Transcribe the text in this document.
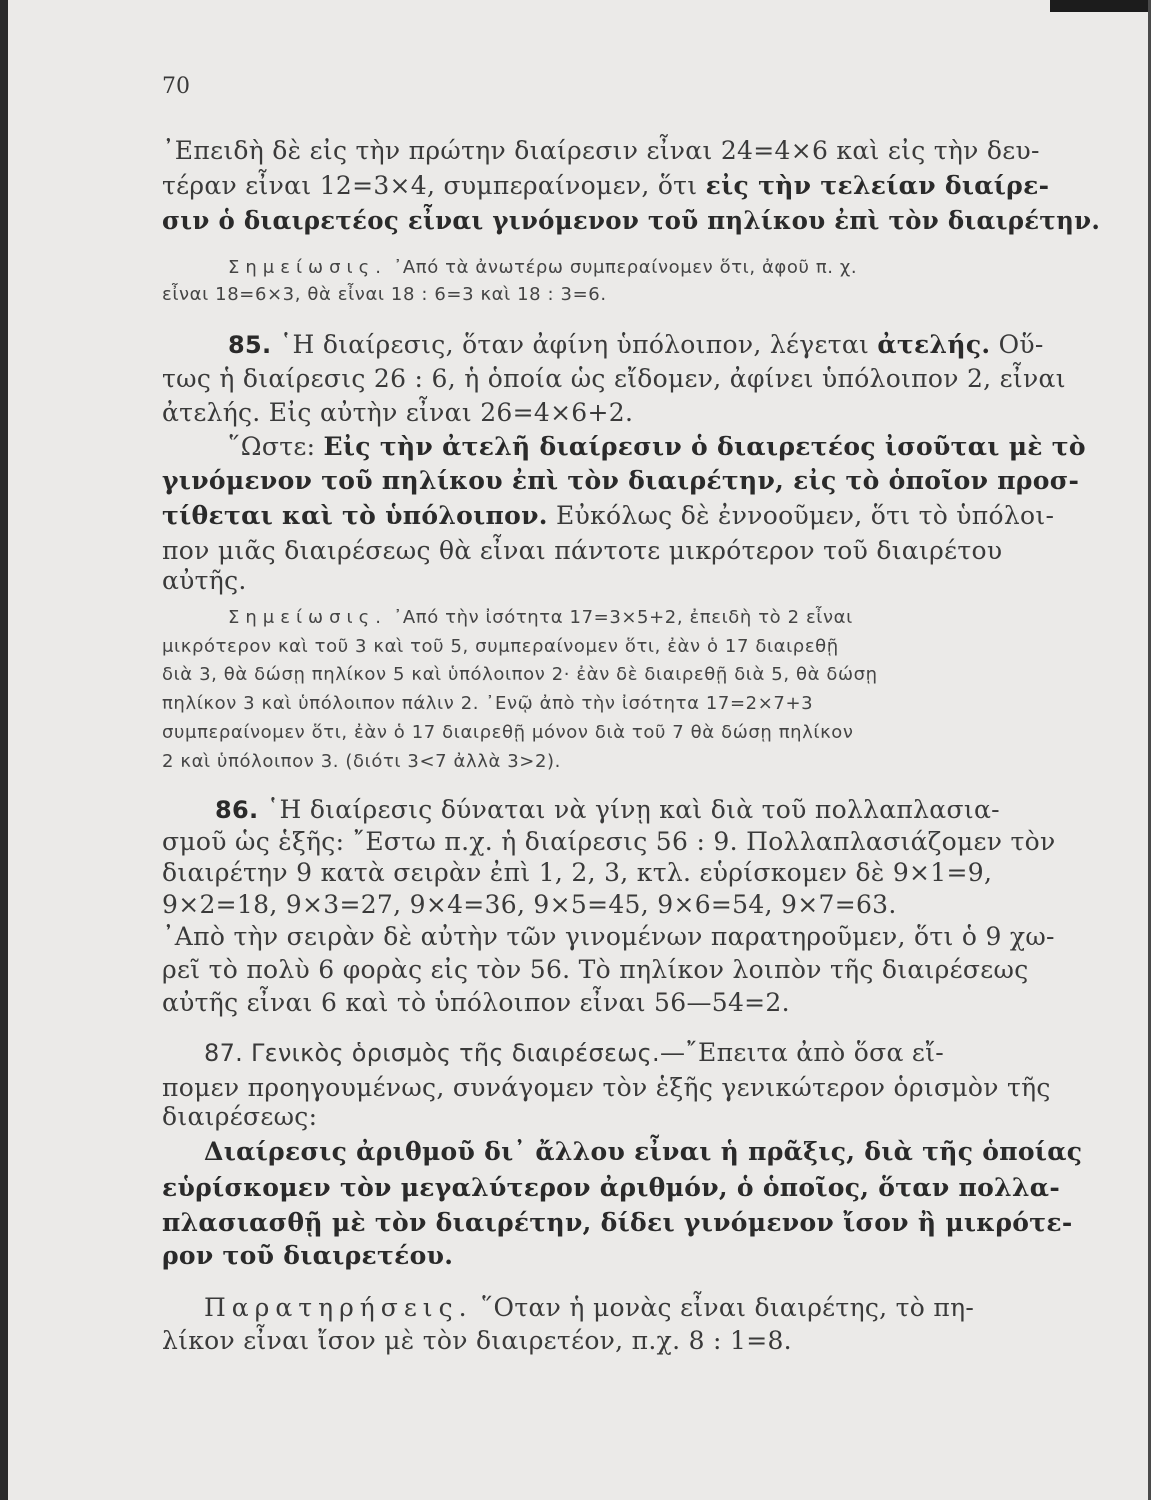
70
᾿Επειδὴ δὲ εἰς τὴν πρώτην διαίρεσιν εἶναι 24=4×6 καὶ εἰς τὴν δευ-
τέραν εἶναι 12=3×4, συμπεραίνομεν, ὅτι εἰς τὴν τελείαν διαίρε-
σιν ὁ διαιρετέος εἶναι γινόμενον τοῦ πηλίκου ἐπὶ τὸν διαιρέτην.
Σημείωσις. ᾿Από τὰ ἀνωτέρω συμπεραίνομεν ὅτι, ἀφοῦ π. χ.
εἶναι 18=6×3, θὰ εἶναι 18 : 6=3 καὶ 18 : 3=6.
85. ῾Η διαίρεσις, ὅταν ἀφίνη ὑπόλοιπον, λέγεται ἀτελής. Οὕ-
τως ἡ διαίρεσις 26 : 6, ἡ ὁποία ὡς εἴδομεν, ἀφίνει ὑπόλοιπον 2, εἶναι
ἀτελής. Εἰς αὐτὴν εἶναι 26=4×6+2.
῞Ωστε: Εἰς τὴν ἀτελῆ διαίρεσιν ὁ διαιρετέος ἰσοῦται μὲ τὸ
γινόμενον τοῦ πηλίκου ἐπὶ τὸν διαιρέτην, εἰς τὸ ὁποῖον προσ-
τίθεται καὶ τὸ ὑπόλοιπον. Εὐκόλως δὲ ἐννοοῦμεν, ὅτι τὸ ὑπόλοι-
πον μιᾶς διαιρέσεως θὰ εἶναι πάντοτε μικρότερον τοῦ διαιρέτου
αὐτῆς.
Σημείωσις. ᾿Από τὴν ἰσότητα 17=3×5+2, ἐπειδὴ τὸ 2 εἶναι
μικρότερον καὶ τοῦ 3 καὶ τοῦ 5, συμπεραίνομεν ὅτι, ἐὰν ὁ 17 διαιρεθῇ
διὰ 3, θὰ δώσῃ πηλίκον 5 καὶ ὑπόλοιπον 2· ἐὰν δὲ διαιρεθῇ διὰ 5, θὰ δώσῃ
πηλίκον 3 καὶ ὑπόλοιπον πάλιν 2. ᾿Ενῷ ἀπὸ τὴν ἰσότητα 17=2×7+3
συμπεραίνομεν ὅτι, ἐὰν ὁ 17 διαιρεθῇ μόνον διὰ τοῦ 7 θὰ δώσῃ πηλίκον
2 καὶ ὑπόλοιπον 3. (διότι 3<7 ἀλλὰ 3>2).
86. ῾Η διαίρεσις δύναται νὰ γίνῃ καὶ διὰ τοῦ πολλαπλασια-
σμοῦ ὡς ἑξῆς: ῎Εστω π.χ. ἡ διαίρεσις 56 : 9. Πολλαπλασιάζομεν τὸν
διαιρέτην 9 κατὰ σειρὰν ἐπὶ 1, 2, 3, κτλ. εὑρίσκομεν δὲ 9×1=9,
9×2=18, 9×3=27, 9×4=36, 9×5=45, 9×6=54, 9×7=63.
᾿Απὸ τὴν σειρὰν δὲ αὐτὴν τῶν γινομένων παρατηροῦμεν, ὅτι ὁ 9 χω-
ρεῖ τὸ πολὺ 6 φορὰς εἰς τὸν 56. Τὸ πηλίκον λοιπὸν τῆς διαιρέσεως
αὐτῆς εἶναι 6 καὶ τὸ ὑπόλοιπον εἶναι 56—54=2.
87. Γενικὸς ὁρισμὸς τῆς διαιρέσεως.—῎Επειτα ἀπὸ ὅσα εἴ-
πομεν προηγουμένως, συνάγομεν τὸν ἑξῆς γενικώτερον ὁρισμὸν τῆς
διαιρέσεως:
Διαίρεσις ἀριθμοῦ δι᾿ ἄλλου εἶναι ἡ πρᾶξις, διὰ τῆς ὁποίας
εὑρίσκομεν τὸν μεγαλύτερον ἀριθμόν, ὁ ὁποῖος, ὅταν πολλα-
πλασιασθῇ μὲ τὸν διαιρέτην, δίδει γινόμενον ἴσον ἢ μικρότε-
ρον τοῦ διαιρετέου.
Παρατηρήσεις. ῞Οταν ἡ μονὰς εἶναι διαιρέτης, τὸ πη-
λίκον εἶναι ἴσον μὲ τὸν διαιρετέον, π.χ. 8 : 1=8.
